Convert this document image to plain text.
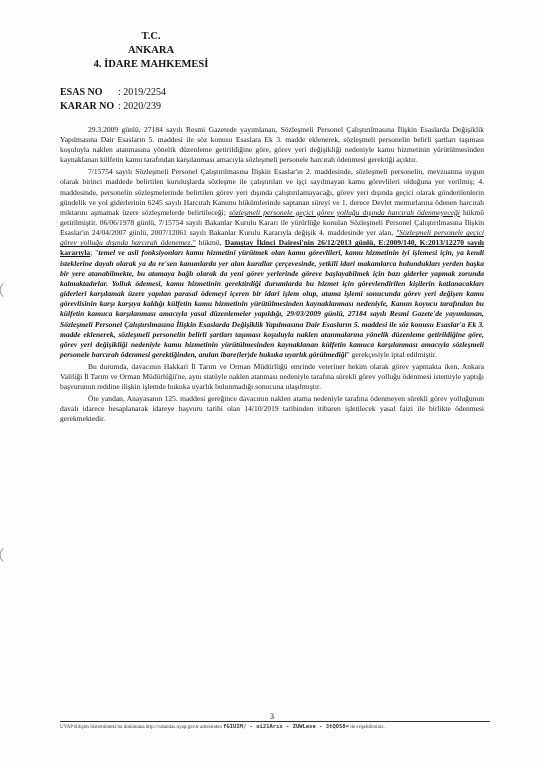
T.C.
ANKARA
4. İDARE MAHKEMESİ
ESAS NO	: 2019/2254
KARAR NO : 2020/239

29.3.2009 günlü, 27184 sayılı Resmi Gazetede yayımlanan, Sözleşmeli Personel Çalıştırılmasına İlişkin Esaslarda Değişiklik Yapılmasına Dair Esasların 5. maddesi ile söz konusu Esaslara Ek 3. madde eklenerek, sözleşmeli personelin belirli şartları taşıması koşuluyla naklen atanmasına yönelik düzenleme getirildiğine göre, görev yeri değişikliği nedeniyle kamu hizmetinin yürütülmesinden kaynaklanan külfetin kamu tarafından karşılanması amacıyla sözleşmeli personele harcırah ödenmesi gerektiği açıktır.

7/15754 sayılı Sözleşmeli Personel Çalıştırılmasına İlişkin Esaslar'ın 2. maddesinde, sözleşmeli personelin, mevzuatına uygun olarak birinci maddede belirtilen kuruluşlarda sözleşme ile çalıştırılan ve işçi sayılmayan kamu görevlileri olduğuna yer verilmiş; 4. maddesinde, personelin sözleşmelerinde belirtilen görev yeri dışında çalıştırılamayacağı, görev yeri dışında geçici olarak gönderilenlerin gündelik ve yol giderlerinin 6245 sayılı Harcırah Kanunu hükümlerinde saptanan süreyi ve 1. derece Devlet memurlarına ödenen harcırah miktarını aşmamak üzere sözleşmelerde belirtileceği; sözleşmeli personele geçici görev yolluğu dışında harcırah ödenmeyeceği hükmü getirilmiştir. 06/06/1978 günlü, 7/15754 sayılı Bakanlar Kurulu Kararı ile yürürlüğe konulan Sözleşmeli Personel Çalıştırılmasına İlişkin Esaslar'ın 24/04/2007 günlü, 2007/12061 sayılı Bakanlar Kurulu Kararıyla değişik 4. maddesinde yer alan, "Sözleşmeli personele geçici görev yolluğu dışında harcırah ödenemez." hükmü, Danıştay İkinci Dairesi'nin 26/12/2013 günlü, E:2009/140, K:2013/12270 sayılı kararıyla; "temel ve asli fonksiyonları kamu hizmetini yürütmek olan kamu görevlileri, kamu hizmetinin iyi işlemesi için, ya kendi isteklerine dayalı olarak ya da re'sen kanunlarda yer alan kurallar çerçevesinde, yetkili idari makamlarca bulundukları yerden başka bir yere atanabilmekte, bu atamaya bağlı olarak da yeni görev yerlerinde göreve başlayabilmek için bazı giderler yapmak zorunda kalmaktadırlar. Yolluk ödemesi, kamu hizmetinin gerektirdiği durumlarda bu hizmet için görevlendirilen kişilerin katlanacakları giderleri karşılamak üzere yapılan parasal ödemeyi içeren bir idari işlem olup, atama işlemi sonucunda görev yeri değişen kamu görevlisinin karşı karşıya kaldığı külfetin kamu hizmetinin yürütülmesinden kaynaklanması nedeniyle, Kanun koyucu tarafından bu külfetin kamuca karşılanması amacıyla yasal düzenlemeler yapıldığı, 29/03/2009 günlü, 27184 sayılı Resmi Gazete'de yayımlanan, Sözleşmeli Personel Çalıştırılmasına İlişkin Esaslarda Değişiklik Yapılmasına Dair Esasların 5. maddesi ile söz konusu Esaslar'a Ek 3. madde eklenerek, sözleşmeli personelin belirli şartları taşıması koşuluyla naklen atanmalarına yönelik düzenleme getirildiğine göre, görev yeri değişikliği nedeniyle kamu hizmetinin yürütülmesinden kaynaklanan külfetin kamuca karşılanması amacıyla sözleşmeli personele harcırah ödenmesi gerektiğinden, anılan ibare(ler)de hukuka uyarlık görülmediği" gerekçesiyle iptal edilmiştir.

Bu durumda, davacının Hakkari İl Tarım ve Orman Müdürlüğü emrinde veteriner hekim olarak görev yapmakta iken, Ankara Valiliği İl Tarım ve Orman Müdürlüğü'ne, aynı statüyle naklen atanması nedeniyle tarafına sürekli görev yolluğu ödenmesi istemiyle yaptığı başvurunun reddine ilişkin işlemde hukuka uyarlık bulunmadığı sonucuna ulaşılmıştır.

Öte yandan, Anayasanın 125. maddesi gereğince davacının naklen atama nedeniyle tarafına ödenmeyen sürekli görev yolluğunun davalı idarece hesaplanarak idareye başvuru tarihi olan 14/10/2019 tarihinden itibaren işletilecek yasal faizi ile birlikte ödenmesi gerekmektedir.

3
UYAP Bilişim Sistemindeki bu dokümana http://vatandas.uyap.gov.tr adresinden fGIUIM/ - oi21Arıs - ZUWLese - 3tQOS8= ile erişebilirsiniz.
